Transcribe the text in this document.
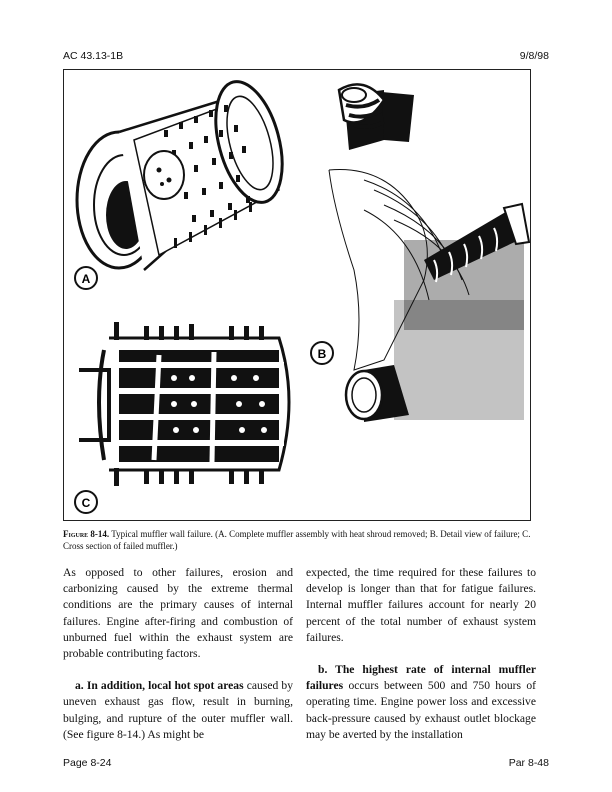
AC 43.13-1B	9/8/98
A
C
B
Figure 8-14. Typical muffler wall failure. (A. Complete muffler assembly with heat shroud removed; B. Detail view of failure; C. Cross section of failed muffler.)

As opposed to other failures, erosion and carbonizing caused by the extreme thermal conditions are the primary causes of internal failures. Engine after-firing and combustion of unburned fuel within the exhaust system are probable contributing factors.

a. In addition, local hot spot areas caused by uneven exhaust gas flow, result in burning, bulging, and rupture of the outer muffler wall. (See figure 8-14.) As might be

expected, the time required for these failures to develop is longer than that for fatigue failures. Internal muffler failures account for nearly 20 percent of the total number of exhaust system failures.

b. The highest rate of internal muffler failures occurs between 500 and 750 hours of operating time. Engine power loss and excessive back-pressure caused by exhaust outlet blockage may be averted by the installation

Page 8-24	Par 8-48
